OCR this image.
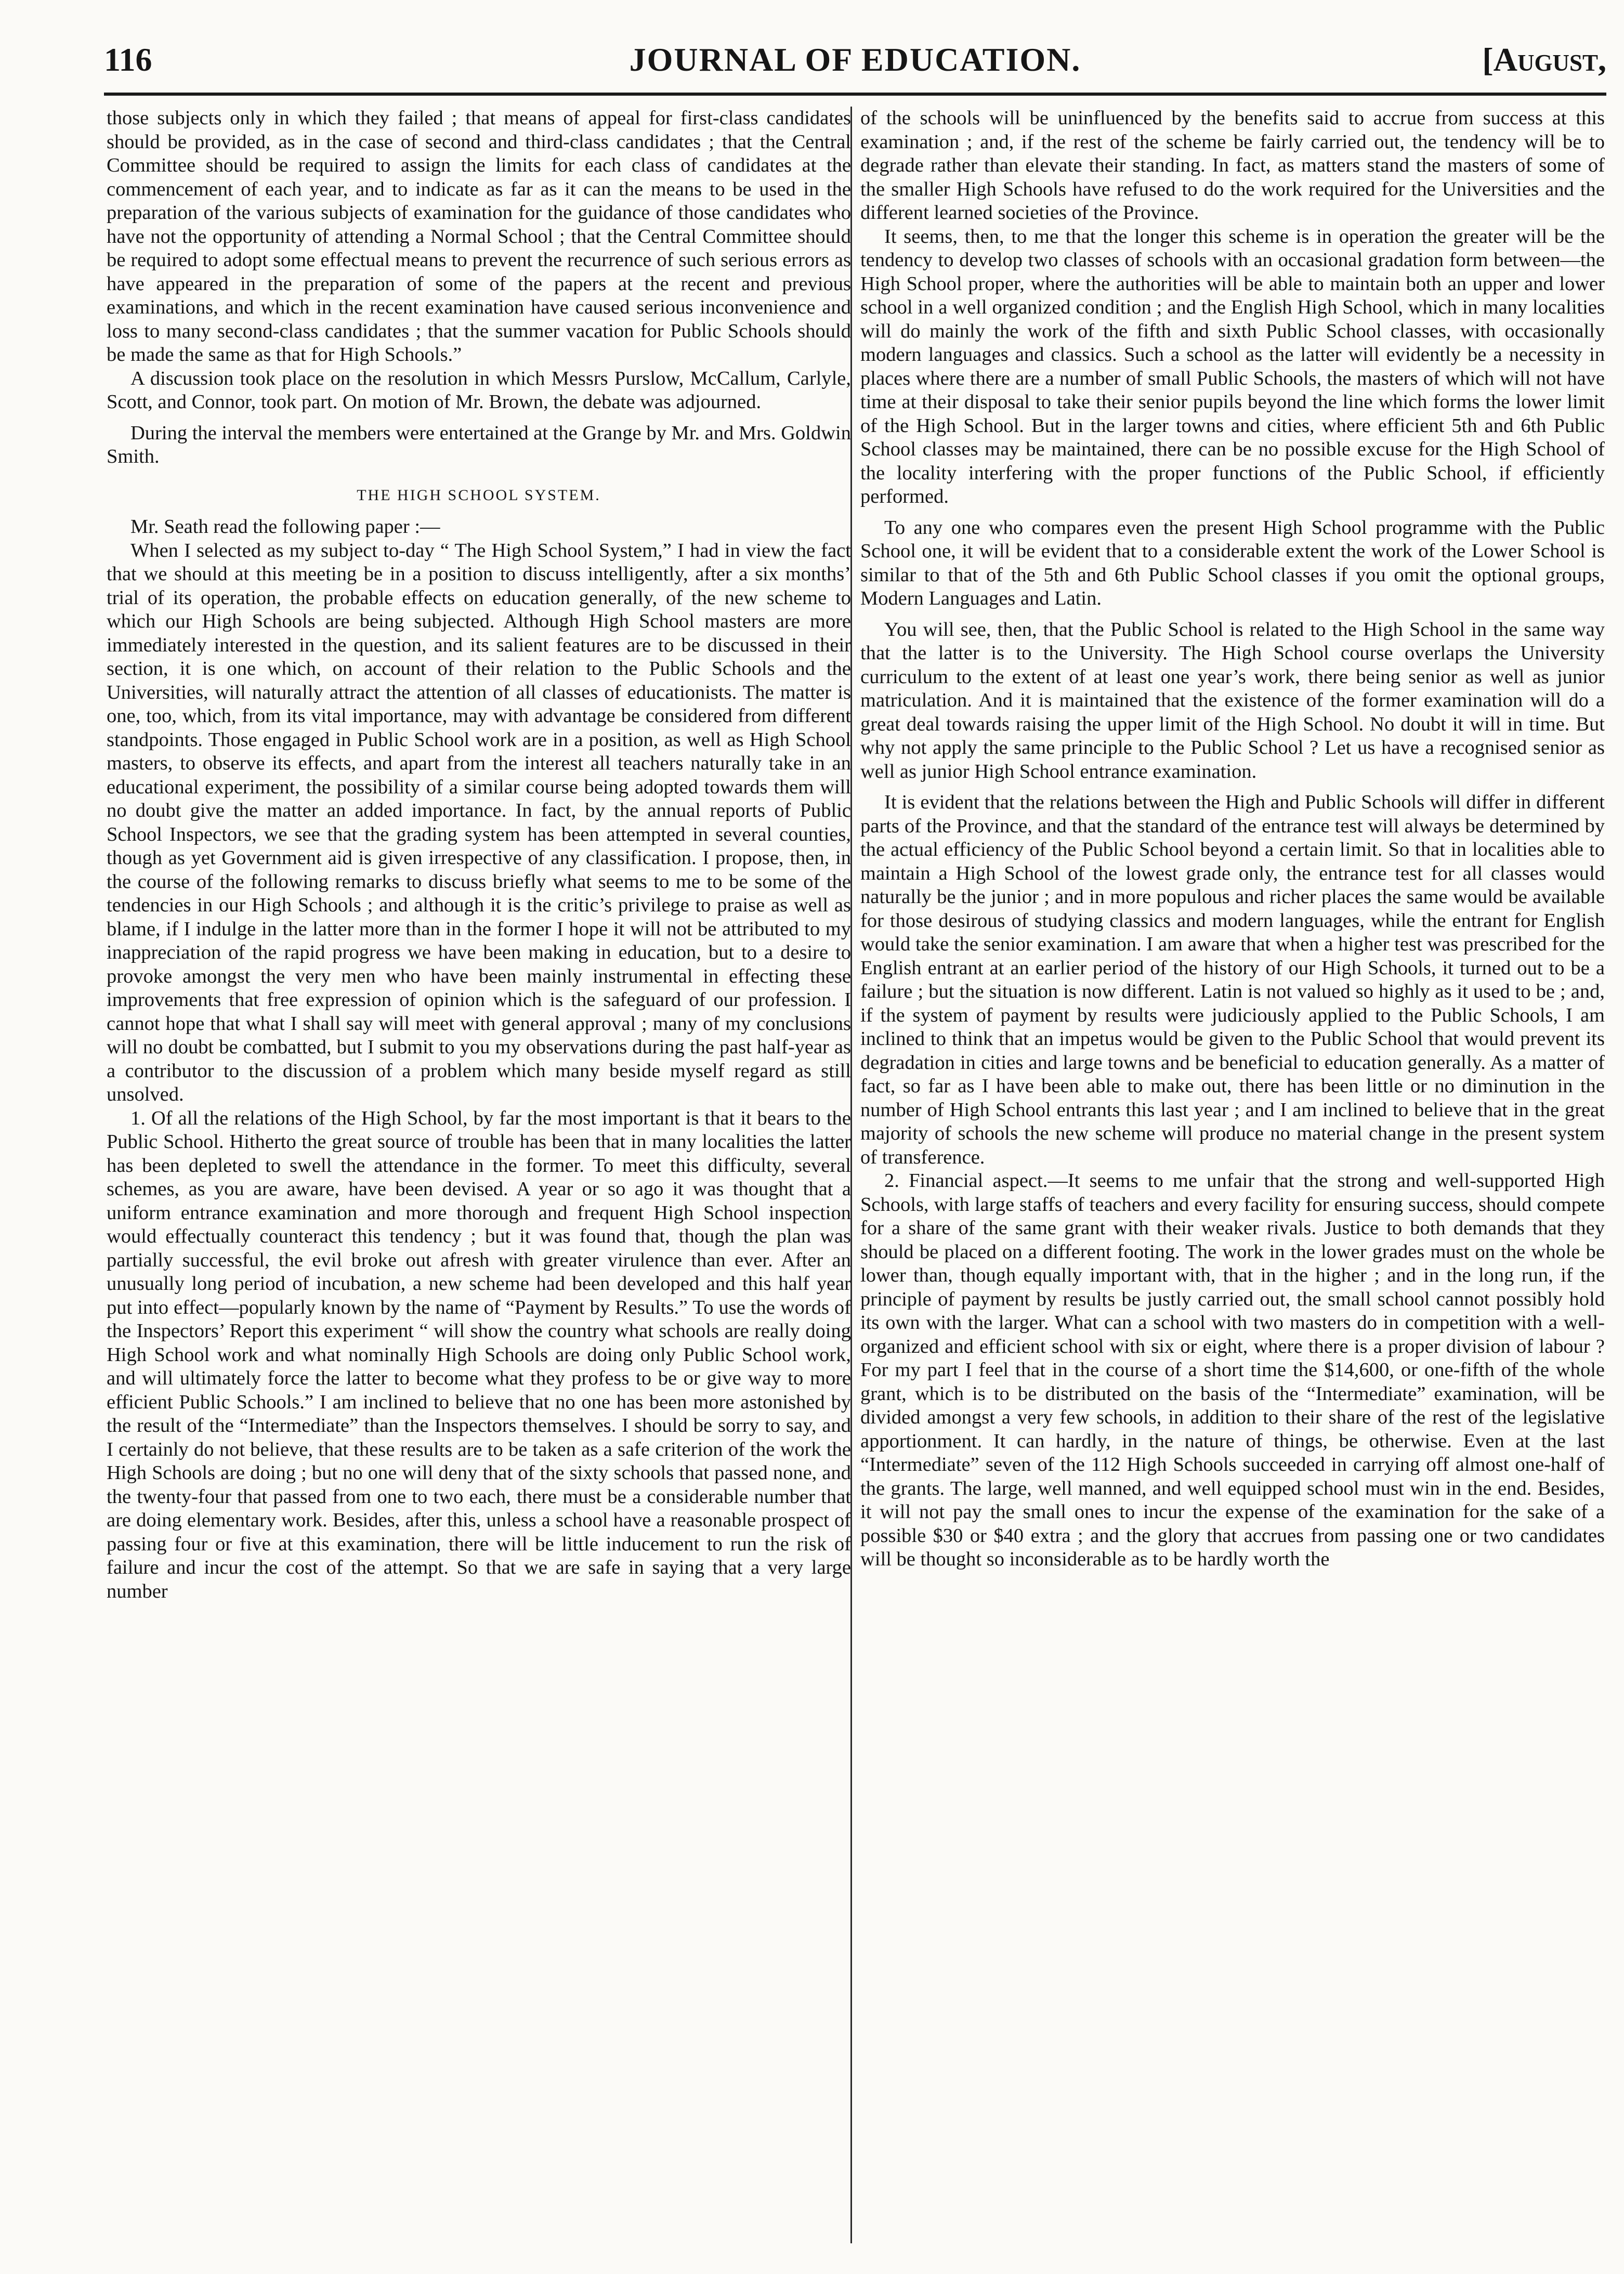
116	JOURNAL OF EDUCATION.	[August,

those subjects only in which they failed ; that means of appeal for first-class candidates should be provided, as in the case of second and third-class candidates ; that the Central Committee should be required to assign the limits for each class of candidates at the commencement of each year, and to indicate as far as it can the means to be used in the preparation of the various subjects of examination for the guidance of those candidates who have not the opportunity of attending a Normal School ; that the Central Committee should be required to adopt some effectual means to prevent the recurrence of such serious errors as have appeared in the preparation of some of the papers at the recent and previous examinations, and which in the recent examination have caused serious inconvenience and loss to many second-class candidates ; that the summer vacation for Public Schools should be made the same as that for High Schools.”

A discussion took place on the resolution in which Messrs Purslow, McCallum, Carlyle, Scott, and Connor, took part. On motion of Mr. Brown, the debate was adjourned.

During the interval the members were entertained at the Grange by Mr. and Mrs. Goldwin Smith.

THE HIGH SCHOOL SYSTEM.

Mr. Seath read the following paper :—

When I selected as my subject to-day “ The High School System,” I had in view the fact that we should at this meeting be in a position to discuss intelligently, after a six months’ trial of its operation, the probable effects on education generally, of the new scheme to which our High Schools are being subjected. Although High School masters are more immediately interested in the question, and its salient features are to be discussed in their section, it is one which, on account of their relation to the Public Schools and the Universities, will naturally attract the attention of all classes of educationists. The matter is one, too, which, from its vital importance, may with advantage be considered from different standpoints. Those engaged in Public School work are in a position, as well as High School masters, to observe its effects, and apart from the interest all teachers naturally take in an educational experiment, the possibility of a similar course being adopted towards them will no doubt give the matter an added importance. In fact, by the annual reports of Public School Inspectors, we see that the grading system has been attempted in several counties, though as yet Government aid is given irrespective of any classification. I propose, then, in the course of the following remarks to discuss briefly what seems to me to be some of the tendencies in our High Schools ; and although it is the critic’s privilege to praise as well as blame, if I indulge in the latter more than in the former I hope it will not be attributed to my inappreciation of the rapid progress we have been making in education, but to a desire to provoke amongst the very men who have been mainly instrumental in effecting these improvements that free expression of opinion which is the safeguard of our profession. I cannot hope that what I shall say will meet with general approval ; many of my conclusions will no doubt be combatted, but I submit to you my observations during the past half-year as a contributor to the discussion of a problem which many beside myself regard as still unsolved.

1. Of all the relations of the High School, by far the most important is that it bears to the Public School. Hitherto the great source of trouble has been that in many localities the latter has been depleted to swell the attendance in the former. To meet this difficulty, several schemes, as you are aware, have been devised. A year or so ago it was thought that a uniform entrance examination and more thorough and frequent High School inspection would effectually counteract this tendency ; but it was found that, though the plan was partially successful, the evil broke out afresh with greater virulence than ever. After an unusually long period of incubation, a new scheme had been developed and this half year put into effect—popularly known by the name of “Payment by Results.” To use the words of the Inspectors’ Report this experiment “ will show the country what schools are really doing High School work and what nominally High Schools are doing only Public School work, and will ultimately force the latter to become what they profess to be or give way to more efficient Public Schools.” I am inclined to believe that no one has been more astonished by the result of the “Intermediate” than the Inspectors themselves. I should be sorry to say, and I certainly do not believe, that these results are to be taken as a safe criterion of the work the High Schools are doing ; but no one will deny that of the sixty schools that passed none, and the twenty-four that passed from one to two each, there must be a considerable number that are doing elementary work. Besides, after this, unless a school have a reasonable prospect of passing four or five at this examination, there will be little inducement to run the risk of failure and incur the cost of the attempt. So that we are safe in saying that a very large number

of the schools will be uninfluenced by the benefits said to accrue from success at this examination ; and, if the rest of the scheme be fairly carried out, the tendency will be to degrade rather than elevate their standing. In fact, as matters stand the masters of some of the smaller High Schools have refused to do the work required for the Universities and the different learned societies of the Province.

It seems, then, to me that the longer this scheme is in operation the greater will be the tendency to develop two classes of schools with an occasional gradation form between—the High School proper, where the authorities will be able to maintain both an upper and lower school in a well organized condition ; and the English High School, which in many localities will do mainly the work of the fifth and sixth Public School classes, with occasionally modern languages and classics. Such a school as the latter will evidently be a necessity in places where there are a number of small Public Schools, the masters of which will not have time at their disposal to take their senior pupils beyond the line which forms the lower limit of the High School. But in the larger towns and cities, where efficient 5th and 6th Public School classes may be maintained, there can be no possible excuse for the High School of the locality interfering with the proper functions of the Public School, if efficiently performed.

To any one who compares even the present High School programme with the Public School one, it will be evident that to a considerable extent the work of the Lower School is similar to that of the 5th and 6th Public School classes if you omit the optional groups, Modern Languages and Latin.

You will see, then, that the Public School is related to the High School in the same way that the latter is to the University. The High School course overlaps the University curriculum to the extent of at least one year’s work, there being senior as well as junior matriculation. And it is maintained that the existence of the former examination will do a great deal towards raising the upper limit of the High School. No doubt it will in time. But why not apply the same principle to the Public School ? Let us have a recognised senior as well as junior High School entrance examination.

It is evident that the relations between the High and Public Schools will differ in different parts of the Province, and that the standard of the entrance test will always be determined by the actual efficiency of the Public School beyond a certain limit. So that in localities able to maintain a High School of the lowest grade only, the entrance test for all classes would naturally be the junior ; and in more populous and richer places the same would be available for those desirous of studying classics and modern languages, while the entrant for English would take the senior examination. I am aware that when a higher test was prescribed for the English entrant at an earlier period of the history of our High Schools, it turned out to be a failure ; but the situation is now different. Latin is not valued so highly as it used to be ; and, if the system of payment by results were judiciously applied to the Public Schools, I am inclined to think that an impetus would be given to the Public School that would prevent its degradation in cities and large towns and be beneficial to education generally. As a matter of fact, so far as I have been able to make out, there has been little or no diminution in the number of High School entrants this last year ; and I am inclined to believe that in the great majority of schools the new scheme will produce no material change in the present system of transference.

2. Financial aspect.—It seems to me unfair that the strong and well-supported High Schools, with large staffs of teachers and every facility for ensuring success, should compete for a share of the same grant with their weaker rivals. Justice to both demands that they should be placed on a different footing. The work in the lower grades must on the whole be lower than, though equally important with, that in the higher ; and in the long run, if the principle of payment by results be justly carried out, the small school cannot possibly hold its own with the larger. What can a school with two masters do in competition with a well-organized and efficient school with six or eight, where there is a proper division of labour ? For my part I feel that in the course of a short time the $14,600, or one-fifth of the whole grant, which is to be distributed on the basis of the “Intermediate” examination, will be divided amongst a very few schools, in addition to their share of the rest of the legislative apportionment. It can hardly, in the nature of things, be otherwise. Even at the last “Intermediate” seven of the 112 High Schools succeeded in carrying off almost one-half of the grants. The large, well manned, and well equipped school must win in the end. Besides, it will not pay the small ones to incur the expense of the examination for the sake of a possible $30 or $40 extra ; and the glory that accrues from passing one or two candidates will be thought so inconsiderable as to be hardly worth the
